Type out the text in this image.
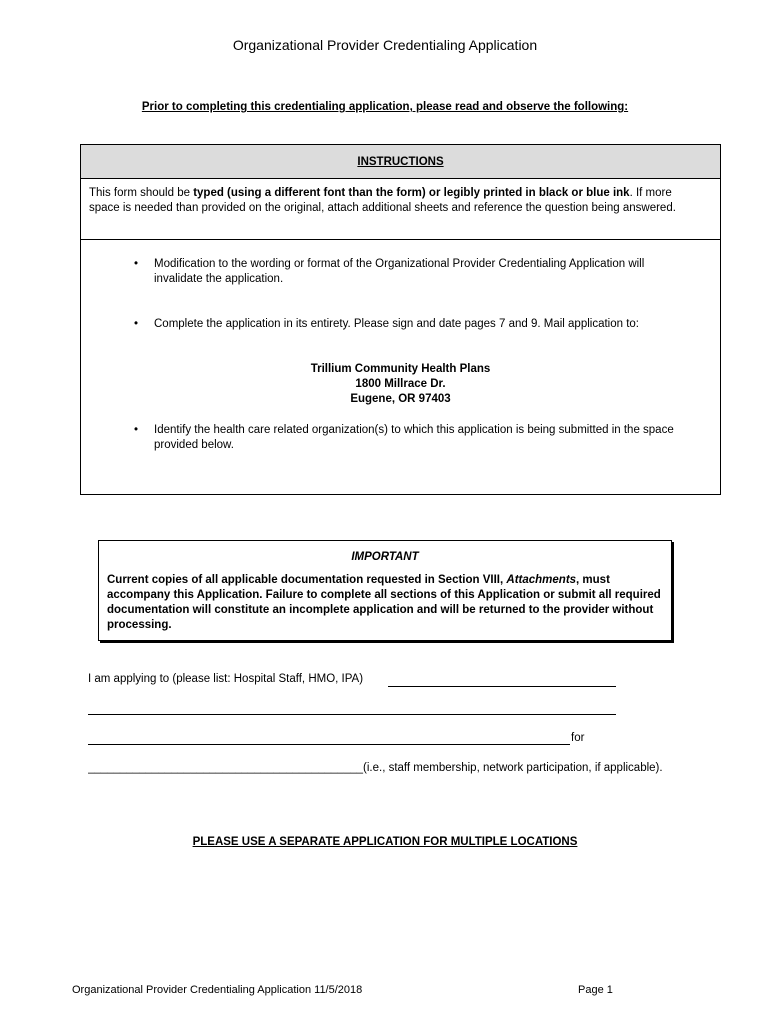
Organizational Provider Credentialing Application
Prior to completing this credentialing application, please read and observe the following:
INSTRUCTIONS
This form should be typed (using a different font than the form) or legibly printed in black or blue ink. If more space is needed than provided on the original, attach additional sheets and reference the question being answered.
• Modification to the wording or format of the Organizational Provider Credentialing Application will invalidate the application.
• Complete the application in its entirety. Please sign and date pages 7 and 9. Mail application to:
Trillium Community Health Plans
1800 Millrace Dr.
Eugene, OR 97403
• Identify the health care related organization(s) to which this application is being submitted in the space provided below.
IMPORTANT
Current copies of all applicable documentation requested in Section VIII, Attachments, must accompany this Application. Failure to complete all sections of this Application or submit all required documentation will constitute an incomplete application and will be returned to the provider without processing.
I am applying to (please list: Hospital Staff, HMO, IPA)
for
___________________________________________(i.e., staff membership, network participation, if applicable).
PLEASE USE A SEPARATE APPLICATION FOR MULTIPLE LOCATIONS
Organizational Provider Credentialing Application 11/5/2018	Page 1
